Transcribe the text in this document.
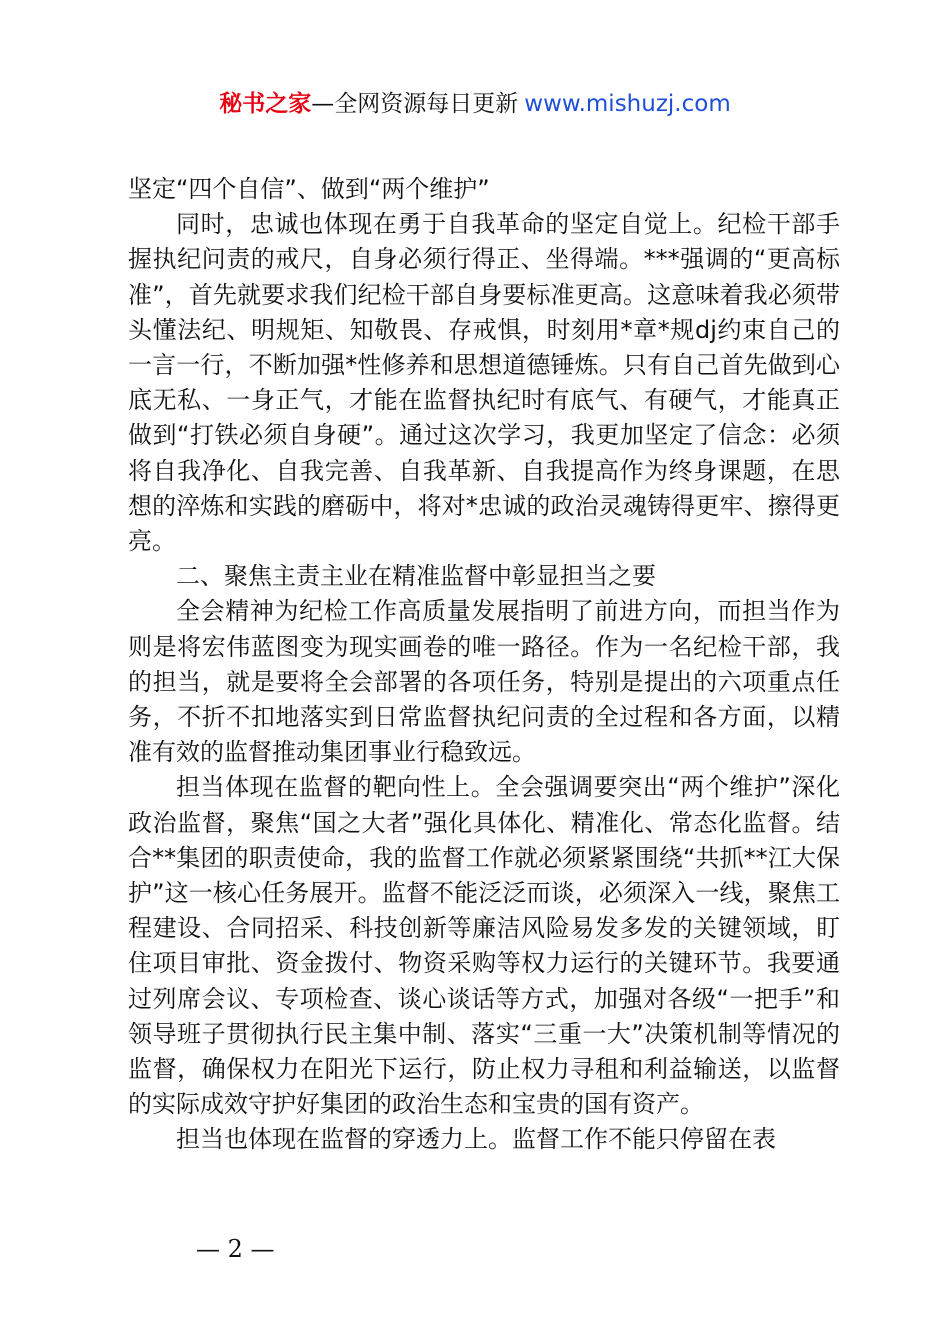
秘书之家—全网资源每日更新 www.mishuzj.com

坚定“四个自信”、做到“两个维护”

同时，忠诚也体现在勇于自我革命的坚定自觉上。纪检干部手握执纪问责的戒尺，自身必须行得正、坐得端。***强调的“更高标准”，首先就要求我们纪检干部自身要标准更高。这意味着我必须带头懂法纪、明规矩、知敬畏、存戒惧，时刻用*章*规dj约束自己的一言一行，不断加强*性修养和思想道德锤炼。只有自己首先做到心底无私、一身正气，才能在监督执纪时有底气、有硬气，才能真正做到“打铁必须自身硬”。通过这次学习，我更加坚定了信念：必须将自我净化、自我完善、自我革新、自我提高作为终身课题，在思想的淬炼和实践的磨砺中，将对*忠诚的政治灵魂铸得更牢、擦得更亮。

二、聚焦主责主业在精准监督中彰显担当之要

全会精神为纪检工作高质量发展指明了前进方向，而担当作为则是将宏伟蓝图变为现实画卷的唯一路径。作为一名纪检干部，我的担当，就是要将全会部署的各项任务，特别是提出的六项重点任务，不折不扣地落实到日常监督执纪问责的全过程和各方面，以精准有效的监督推动集团事业行稳致远。

担当体现在监督的靶向性上。全会强调要突出“两个维护”深化政治监督，聚焦“国之大者”强化具体化、精准化、常态化监督。结合**集团的职责使命，我的监督工作就必须紧紧围绕“共抓**江大保护”这一核心任务展开。监督不能泛泛而谈，必须深入一线，聚焦工程建设、合同招采、科技创新等廉洁风险易发多发的关键领域，盯住项目审批、资金拨付、物资采购等权力运行的关键环节。我要通过列席会议、专项检查、谈心谈话等方式，加强对各级“一把手”和领导班子贯彻执行民主集中制、落实“三重一大”决策机制等情况的监督，确保权力在阳光下运行，防止权力寻租和利益输送，以监督的实际成效守护好集团的政治生态和宝贵的国有资产。

担当也体现在监督的穿透力上。监督工作不能只停留在表

— 2 —
